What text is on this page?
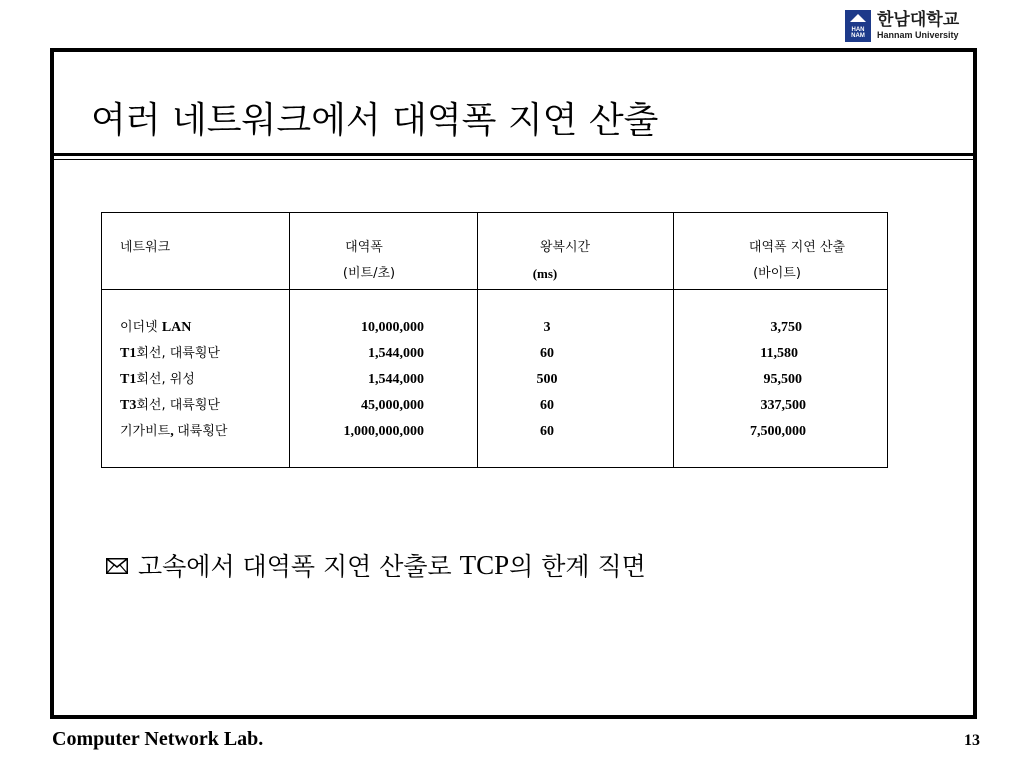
HAN
NAM
한남대학교
Hannam University
여러 네트워크에서 대역폭 지연 산출
네트워크	대역폭
(비트/초)
왕복시간
(ms)
대역폭 지연 산출
(바이트)
이더넷 LAN
T1회선, 대륙횡단
T1회선, 위성
T3회선, 대륙횡단
기가비트, 대륙횡단
10,000,000
1,544,000
1,544,000
45,000,000
1,000,000,000
3
60
500
60
60
3,750
11,580
95,500
337,500
7,500,000
고속에서 대역폭 지연 산출로 TCP 의 한계 직면
Computer Network Lab.	13
